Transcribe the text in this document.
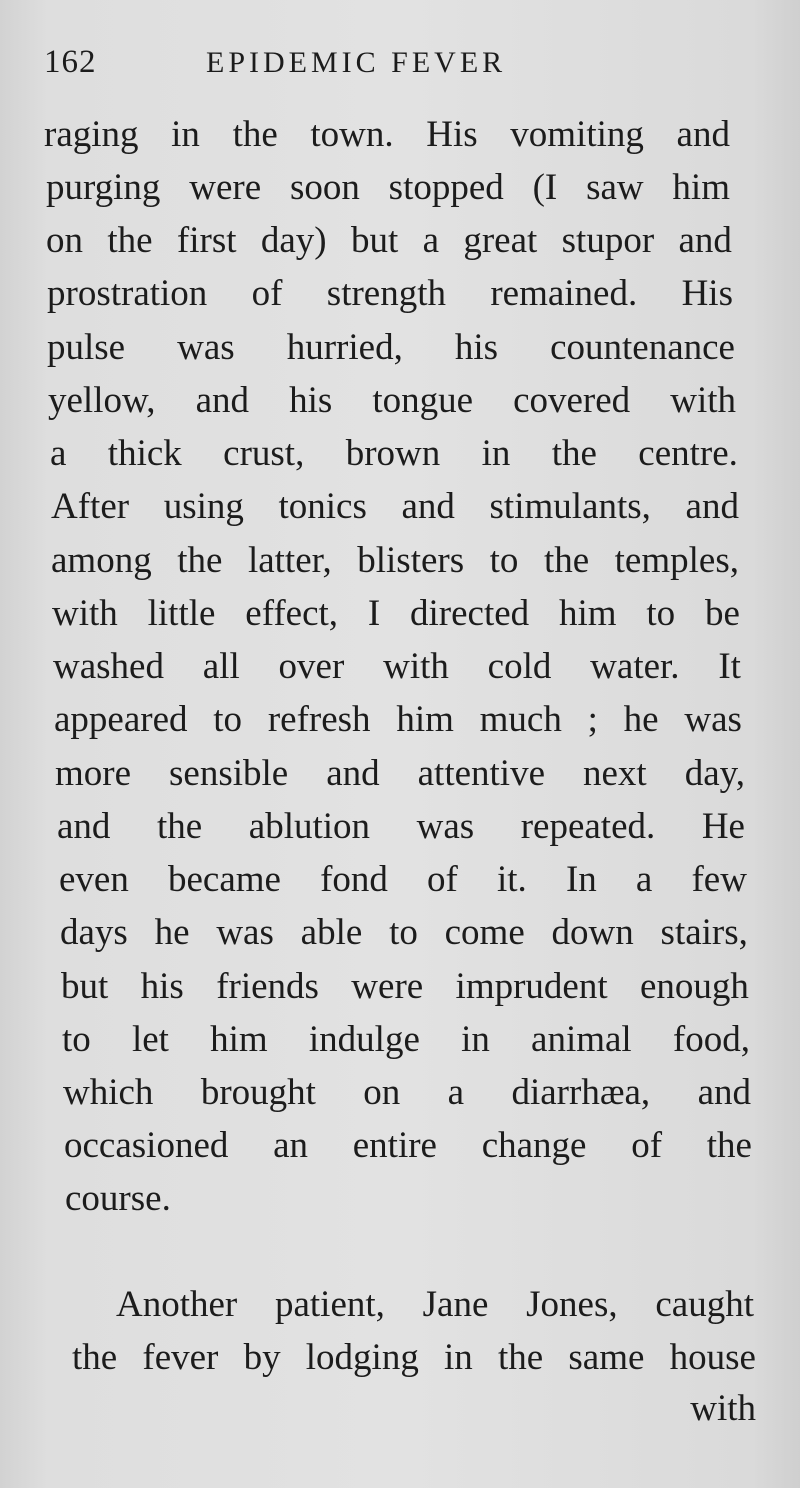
162	EPIDEMIC FEVER
raging in the town. His vomiting and
purging were soon stopped (I saw him
on the first day) but a great stupor and
prostration of strength remained. His
pulse was hurried, his countenance
yellow, and his tongue covered with
a thick crust, brown in the centre.
After using tonics and stimulants, and
among the latter, blisters to the temples,
with little effect, I directed him to be
washed all over with cold water. It
appeared to refresh him much ; he was
more sensible and attentive next day,
and the ablution was repeated. He
even became fond of it. In a few
days he was able to come down stairs,
but his friends were imprudent enough
to let him indulge in animal food,
which brought on a diarrhæa, and
occasioned an entire change of the
course.
Another patient, Jane Jones, caught
the fever by lodging in the same house
with
